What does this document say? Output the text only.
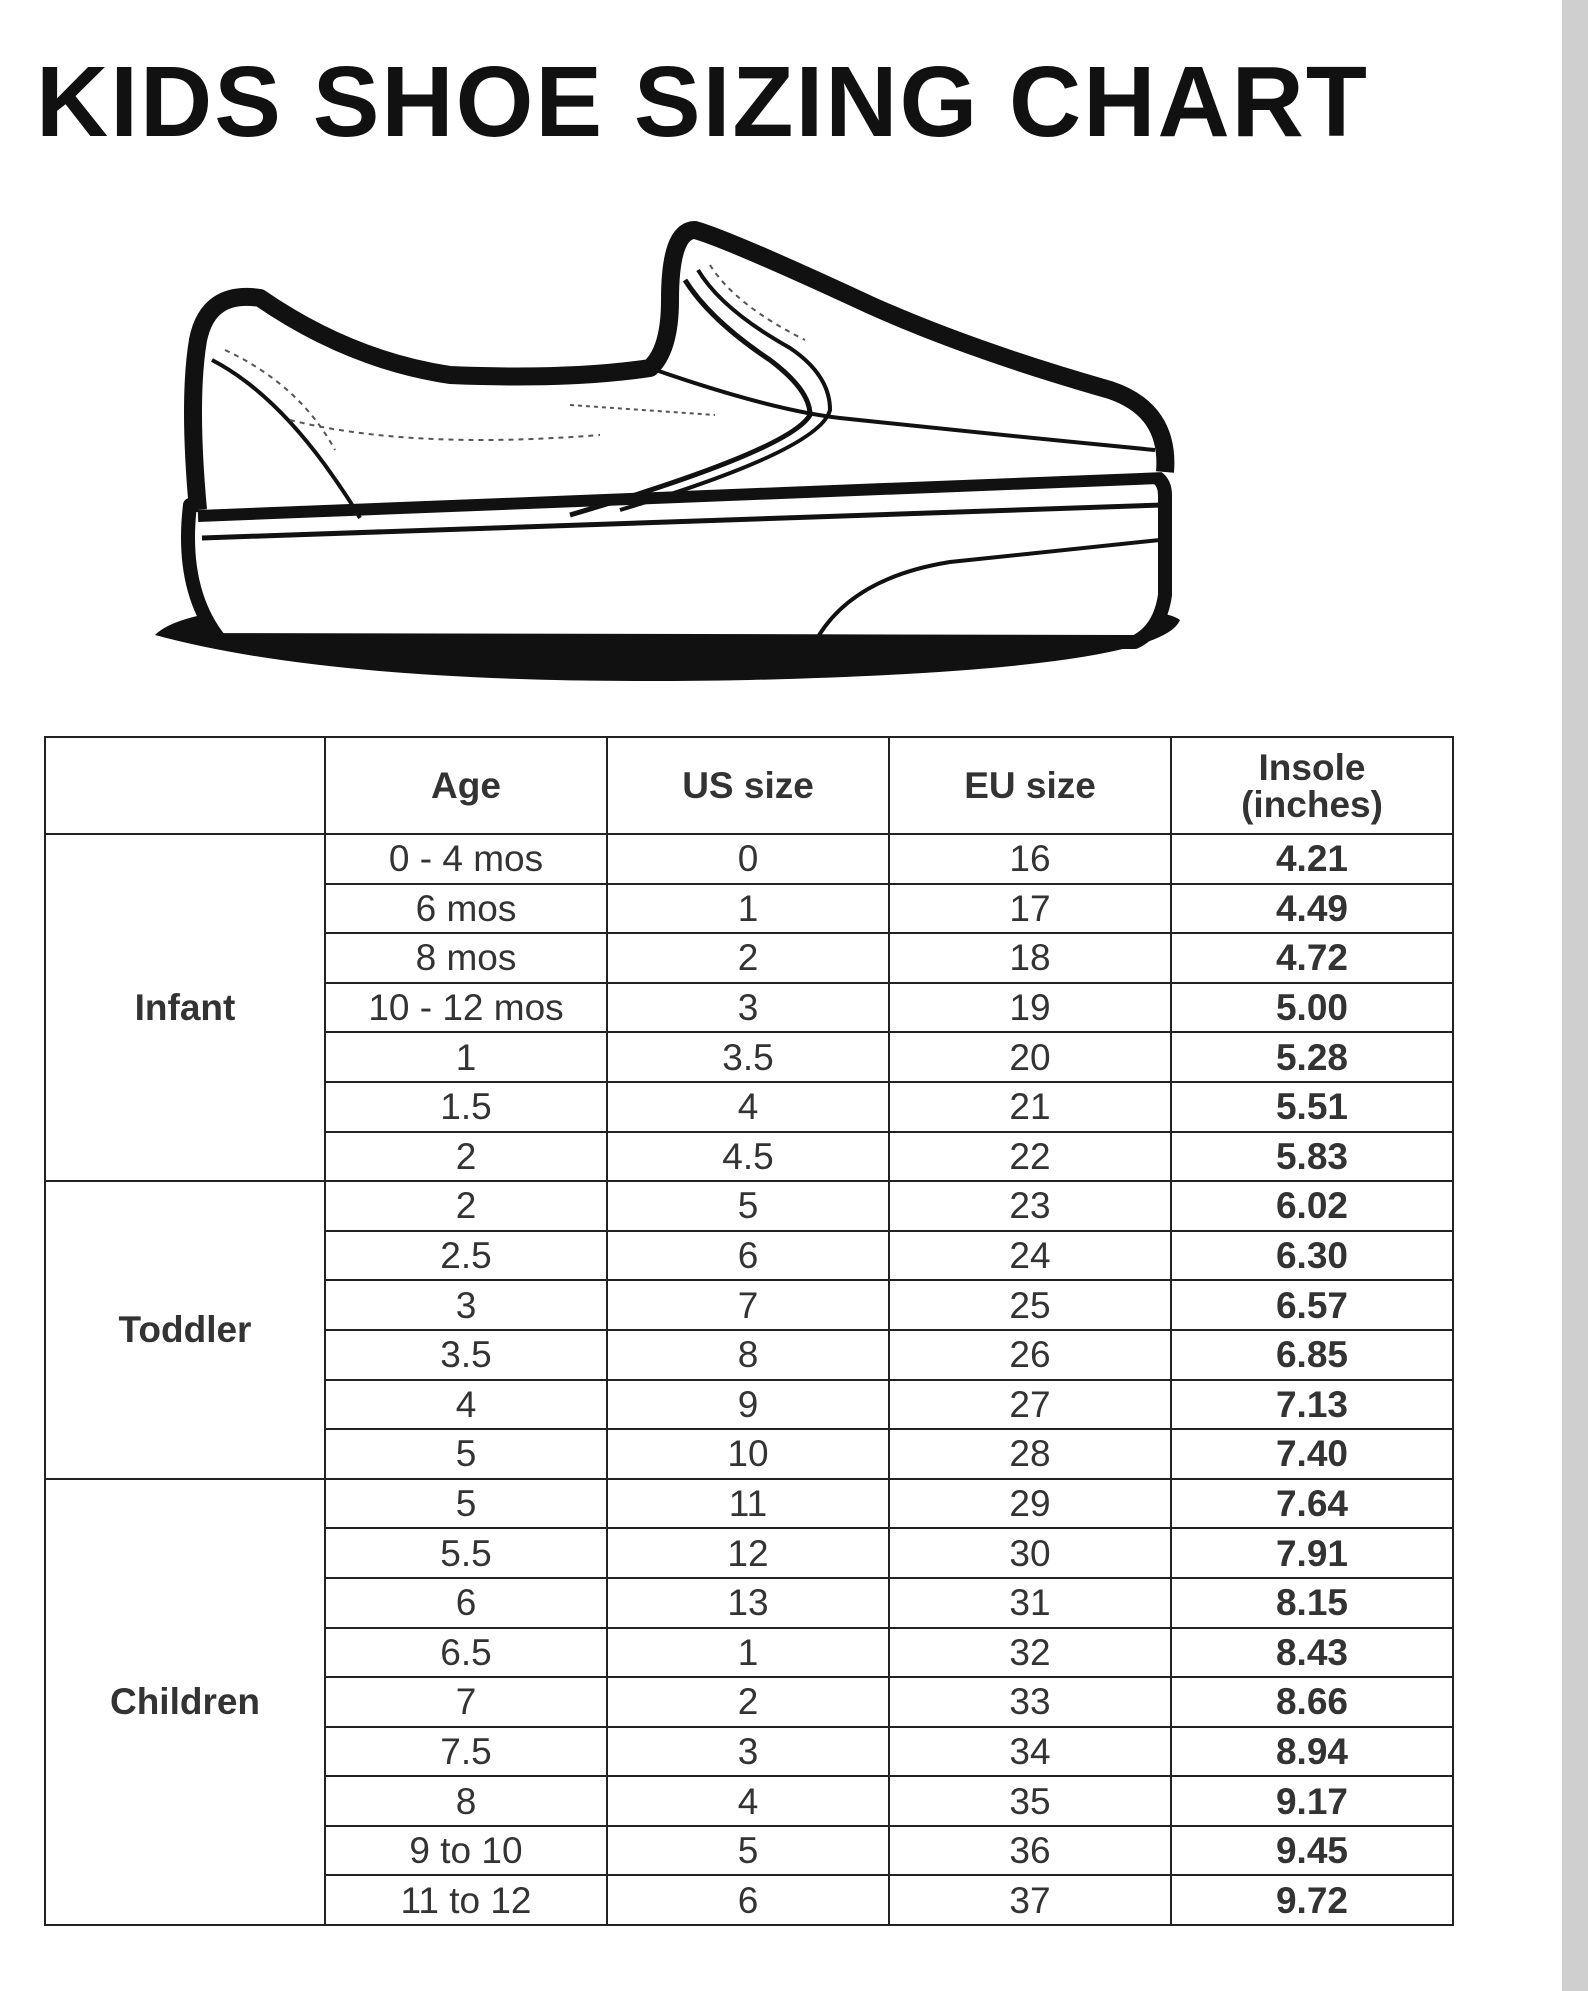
KIDS SHOE SIZING CHART
	Age	US size	EU size	Insole
(inches)
Infant	0 - 4 mos	0	16	4.21
	6 mos	1	17	4.49
	8 mos	2	18	4.72
	10 - 12 mos	3	19	5.00
	1	3.5	20	5.28
	1.5	4	21	5.51
	2	4.5	22	5.83
Toddler	2	5	23	6.02
	2.5	6	24	6.30
	3	7	25	6.57
	3.5	8	26	6.85
	4	9	27	7.13
	5	10	28	7.40
Children	5	11	29	7.64
	5.5	12	30	7.91
	6	13	31	8.15
	6.5	1	32	8.43
	7	2	33	8.66
	7.5	3	34	8.94
	8	4	35	9.17
	9 to 10	5	36	9.45
	11 to 12	6	37	9.72
